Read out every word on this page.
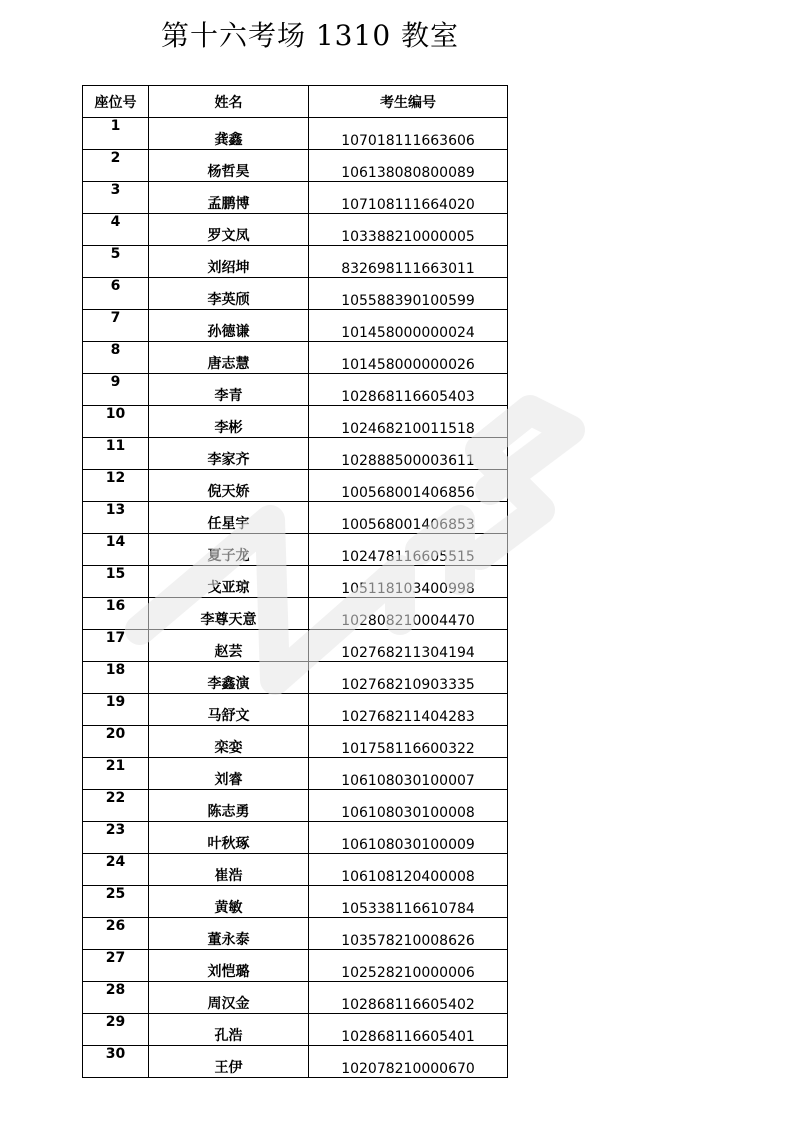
第十六考场 1310 教室
座位号	姓名	考生编号
1	龚鑫	107018111663606
2	杨哲昊	106138080800089
3	孟鹏博	107108111664020
4	罗文凤	103388210000005
5	刘绍坤	832698111663011
6	李英颀	105588390100599
7	孙德谦	101458000000024
8	唐志慧	101458000000026
9	李青	102868116605403
10	李彬	102468210011518
11	李家齐	102888500003611
12	倪天娇	100568001406856
13	任星宇	100568001406853
14	夏子龙	102478116605515
15	戈亚琼	105118103400998
16	李尊天意	102808210004470
17	赵芸	102768211304194
18	李鑫演	102768210903335
19	马舒文	102768211404283
20	栾娈	101758116600322
21	刘睿	106108030100007
22	陈志勇	106108030100008
23	叶秋琢	106108030100009
24	崔浩	106108120400008
25	黄敏	105338116610784
26	董永泰	103578210008626
27	刘恺璐	102528210000006
28	周汉金	102868116605402
29	孔浩	102868116605401
30	王伊	102078210000670
